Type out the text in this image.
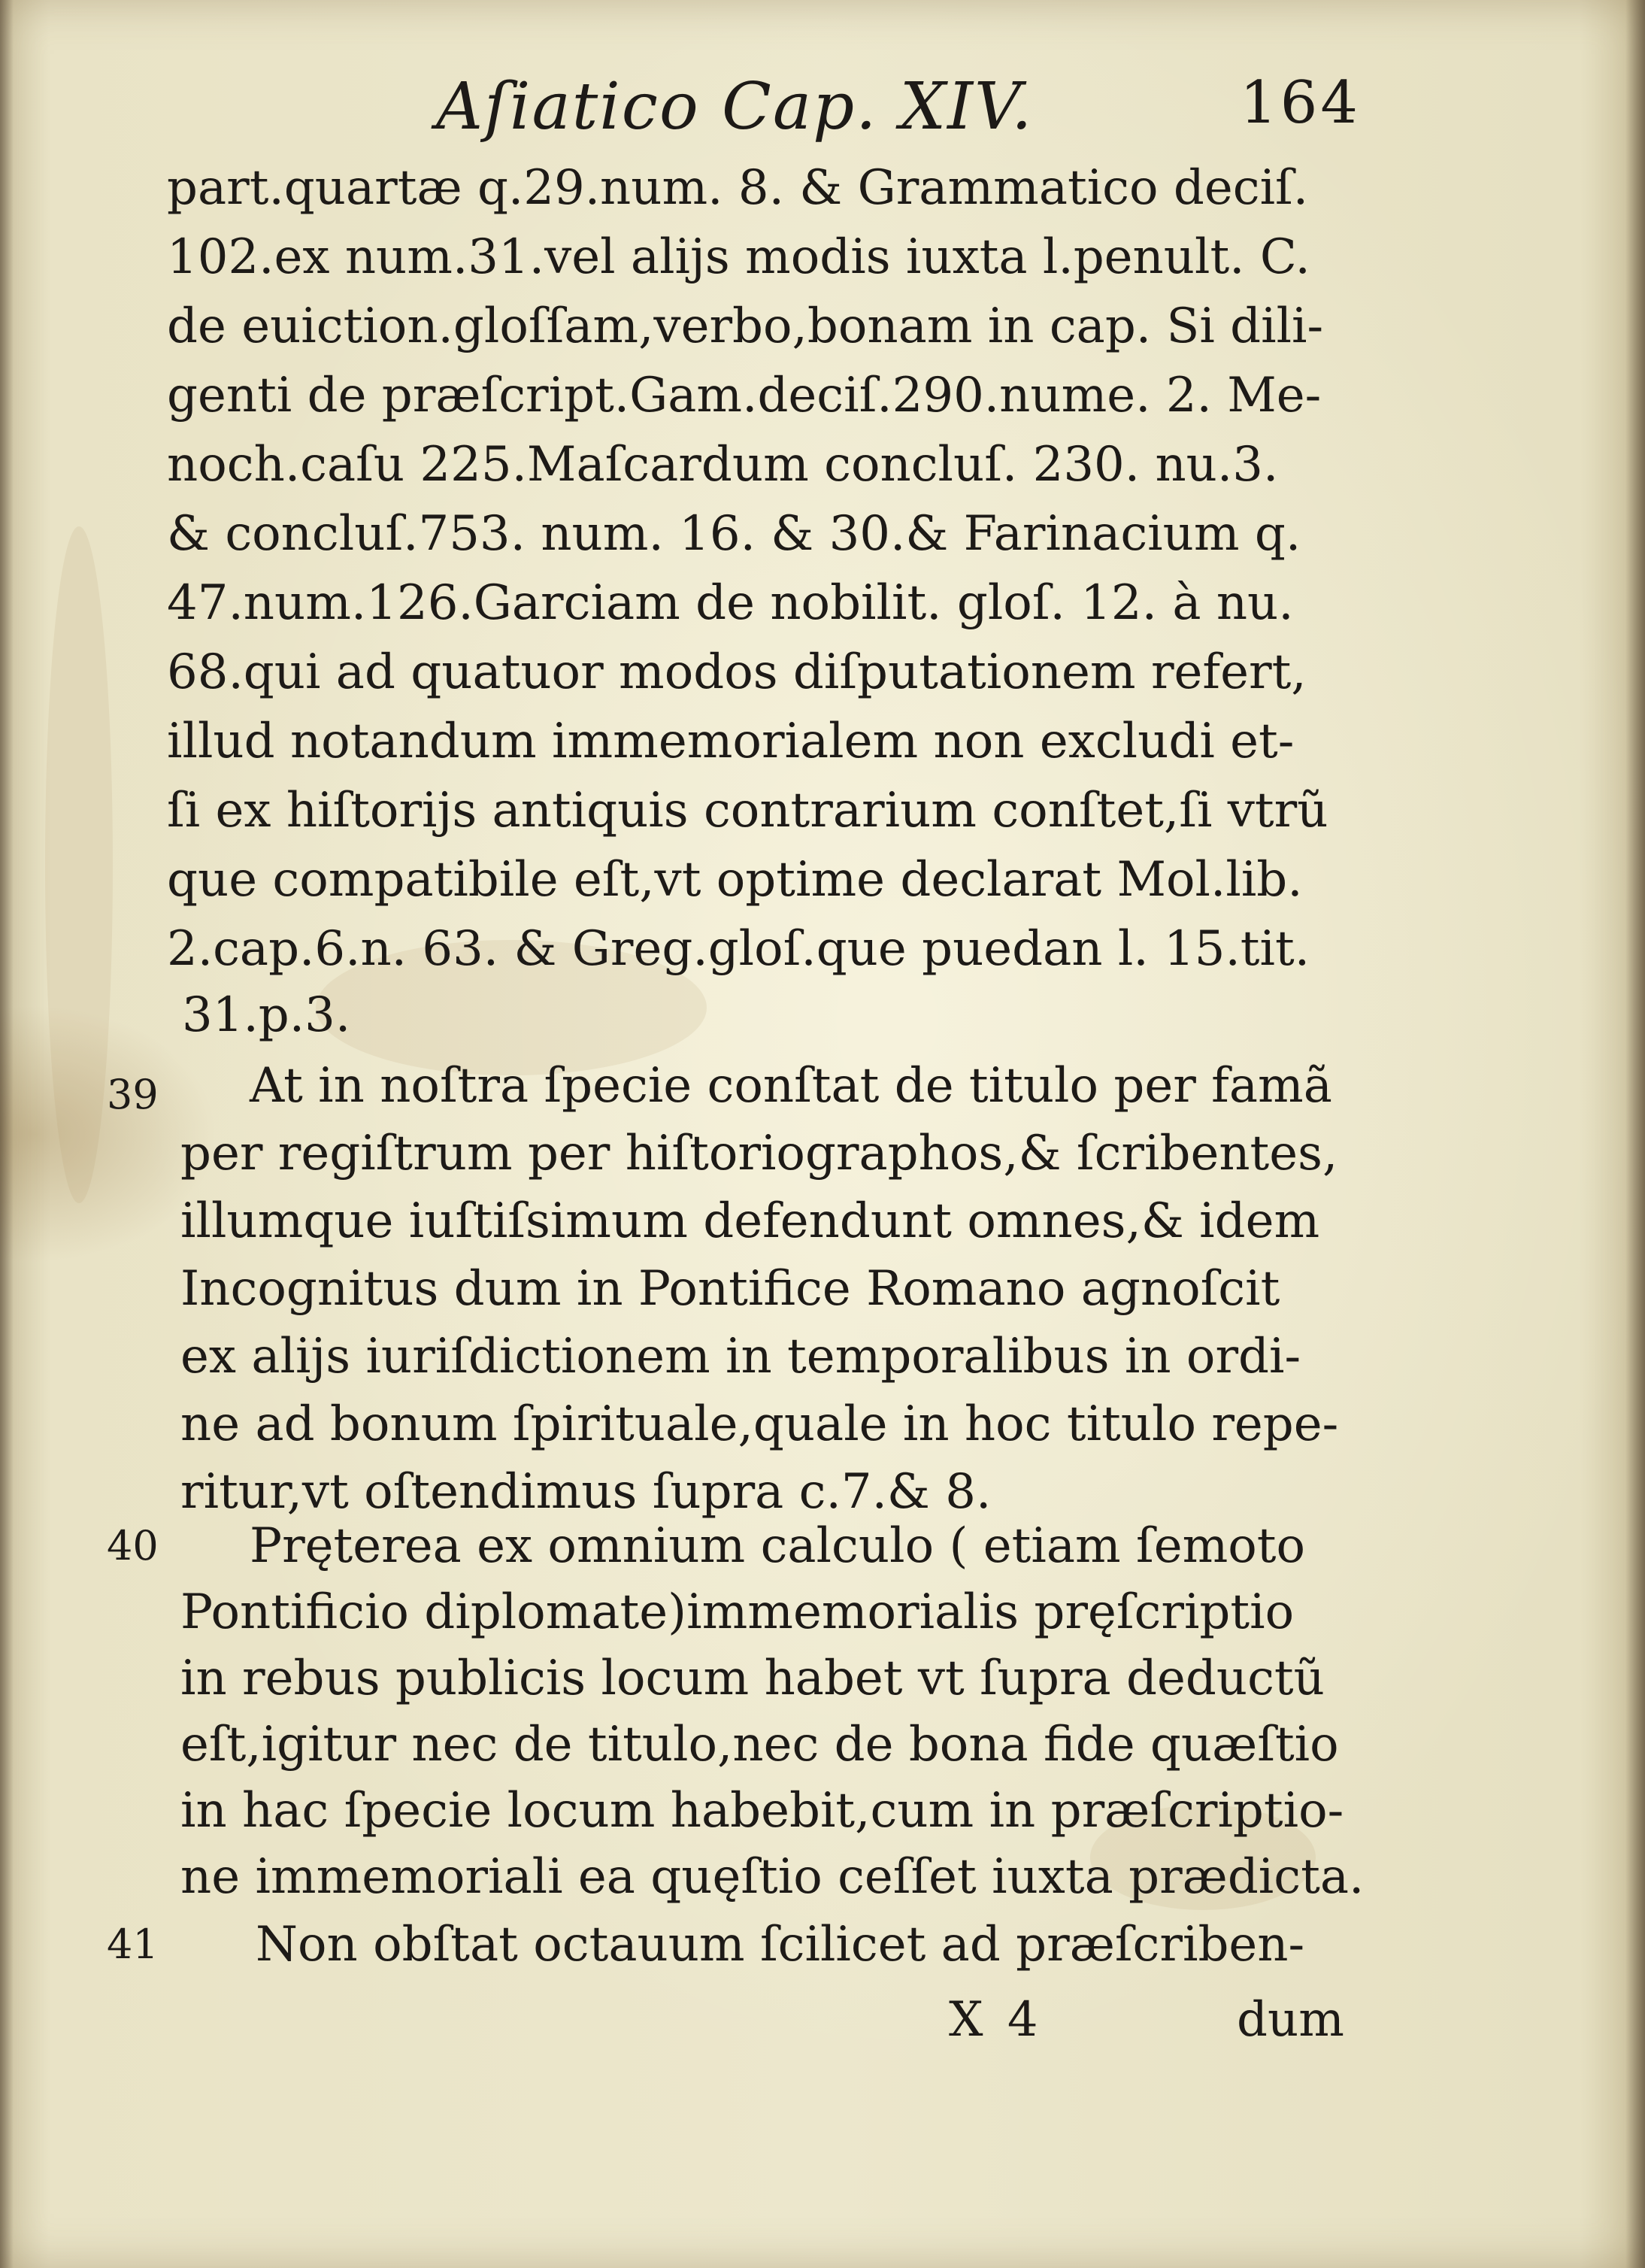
Aſiatico Cap. XIV.	164
39
40
41
part.quartæ q.29.num. 8. & Grammatico deciſ.
102.ex num.31.vel alijs modis iuxta l.penult. C.
de euiction.gloſſam,verbo,bonam in cap. Si dili-
genti de præſcript.Gam.deciſ.290.nume. 2. Me-
noch.caſu 225.Maſcardum concluſ. 230. nu.3.
& concluſ.753. num. 16. & 30.& Farinacium q.
47.num.126.Garciam de nobilit. gloſ. 12. à nu.
68.qui ad quatuor modos diſputationem refert,
illud notandum immemorialem non excludi et-
ſi ex hiſtorijs antiquis contrarium conſtet,ſi vtrũ
que compatibile eſt,vt optime declarat Mol.lib.
2.cap.6.n. 63. & Greg.gloſ.que puedan l. 15.tit.
31.p.3.
At in noſtra ſpecie conſtat de titulo per famã
per regiſtrum per hiſtoriographos,& ſcribentes,
illumque iuſtiſsimum defendunt omnes,& idem
Incognitus dum in Pontifice Romano agnoſcit
ex alijs iuriſdictionem in temporalibus in ordi-
ne ad bonum ſpirituale,quale in hoc titulo repe-
ritur,vt oſtendimus ſupra c.7.& 8.
Pręterea ex omnium calculo ( etiam ſemoto
Pontificio diplomate)immemorialis pręſcriptio
in rebus publicis locum habet vt ſupra deductũ
eſt,igitur nec de titulo,nec de bona fide quæſtio
in hac ſpecie locum habebit,cum in præſcriptio-
ne immemoriali ea quęſtio ceſſet iuxta prædicta.
Non obſtat octauum ſcilicet ad præſcriben-
X 4	dum
